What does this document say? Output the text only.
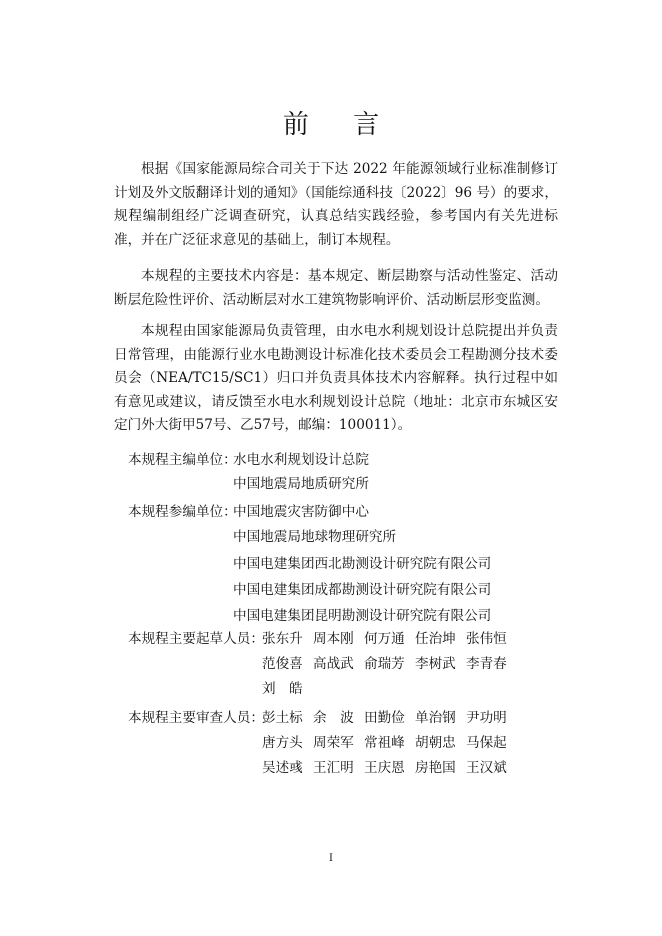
前 言

根据《国家能源局综合司关于下达 2022 年能源领域行业标准制修订计划及外文版翻译计划的通知》（国能综通科技〔2022〕96 号）的要求，规程编制组经广泛调查研究，认真总结实践经验，参考国内有关先进标准，并在广泛征求意见的基础上，制订本规程。

本规程的主要技术内容是：基本规定、断层勘察与活动性鉴定、活动断层危险性评价、活动断层对水工建筑物影响评价、活动断层形变监测。

本规程由国家能源局负责管理，由水电水利规划设计总院提出并负责日常管理，由能源行业水电勘测设计标准化技术委员会工程勘测分技术委员会（NEA/TC15/SC1）归口并负责具体技术内容解释。执行过程中如有意见或建议，请反馈至水电水利规划设计总院（地址：北京市东城区安定门外大街甲57号、乙57号，邮编：100011）。

本规程主编单位：
水电水利规划设计总院
中国地震局地质研究所
本规程参编单位：
中国地震灾害防御中心
中国地震局地球物理研究所
中国电建集团西北勘测设计研究院有限公司
中国电建集团成都勘测设计研究院有限公司
中国电建集团昆明勘测设计研究院有限公司
本规程主要起草人员：
张东升 周本刚 何万通 任治坤 张伟恒
范俊喜 高战武 俞瑞芳 李树武 李青春
刘　皓
本规程主要审查人员：
彭土标 余　波 田勤俭 单治钢 尹功明
唐方头 周荣军 常祖峰 胡朝忠 马保起
吴述彧 王汇明 王庆恩 房艳国 王汉斌
I
